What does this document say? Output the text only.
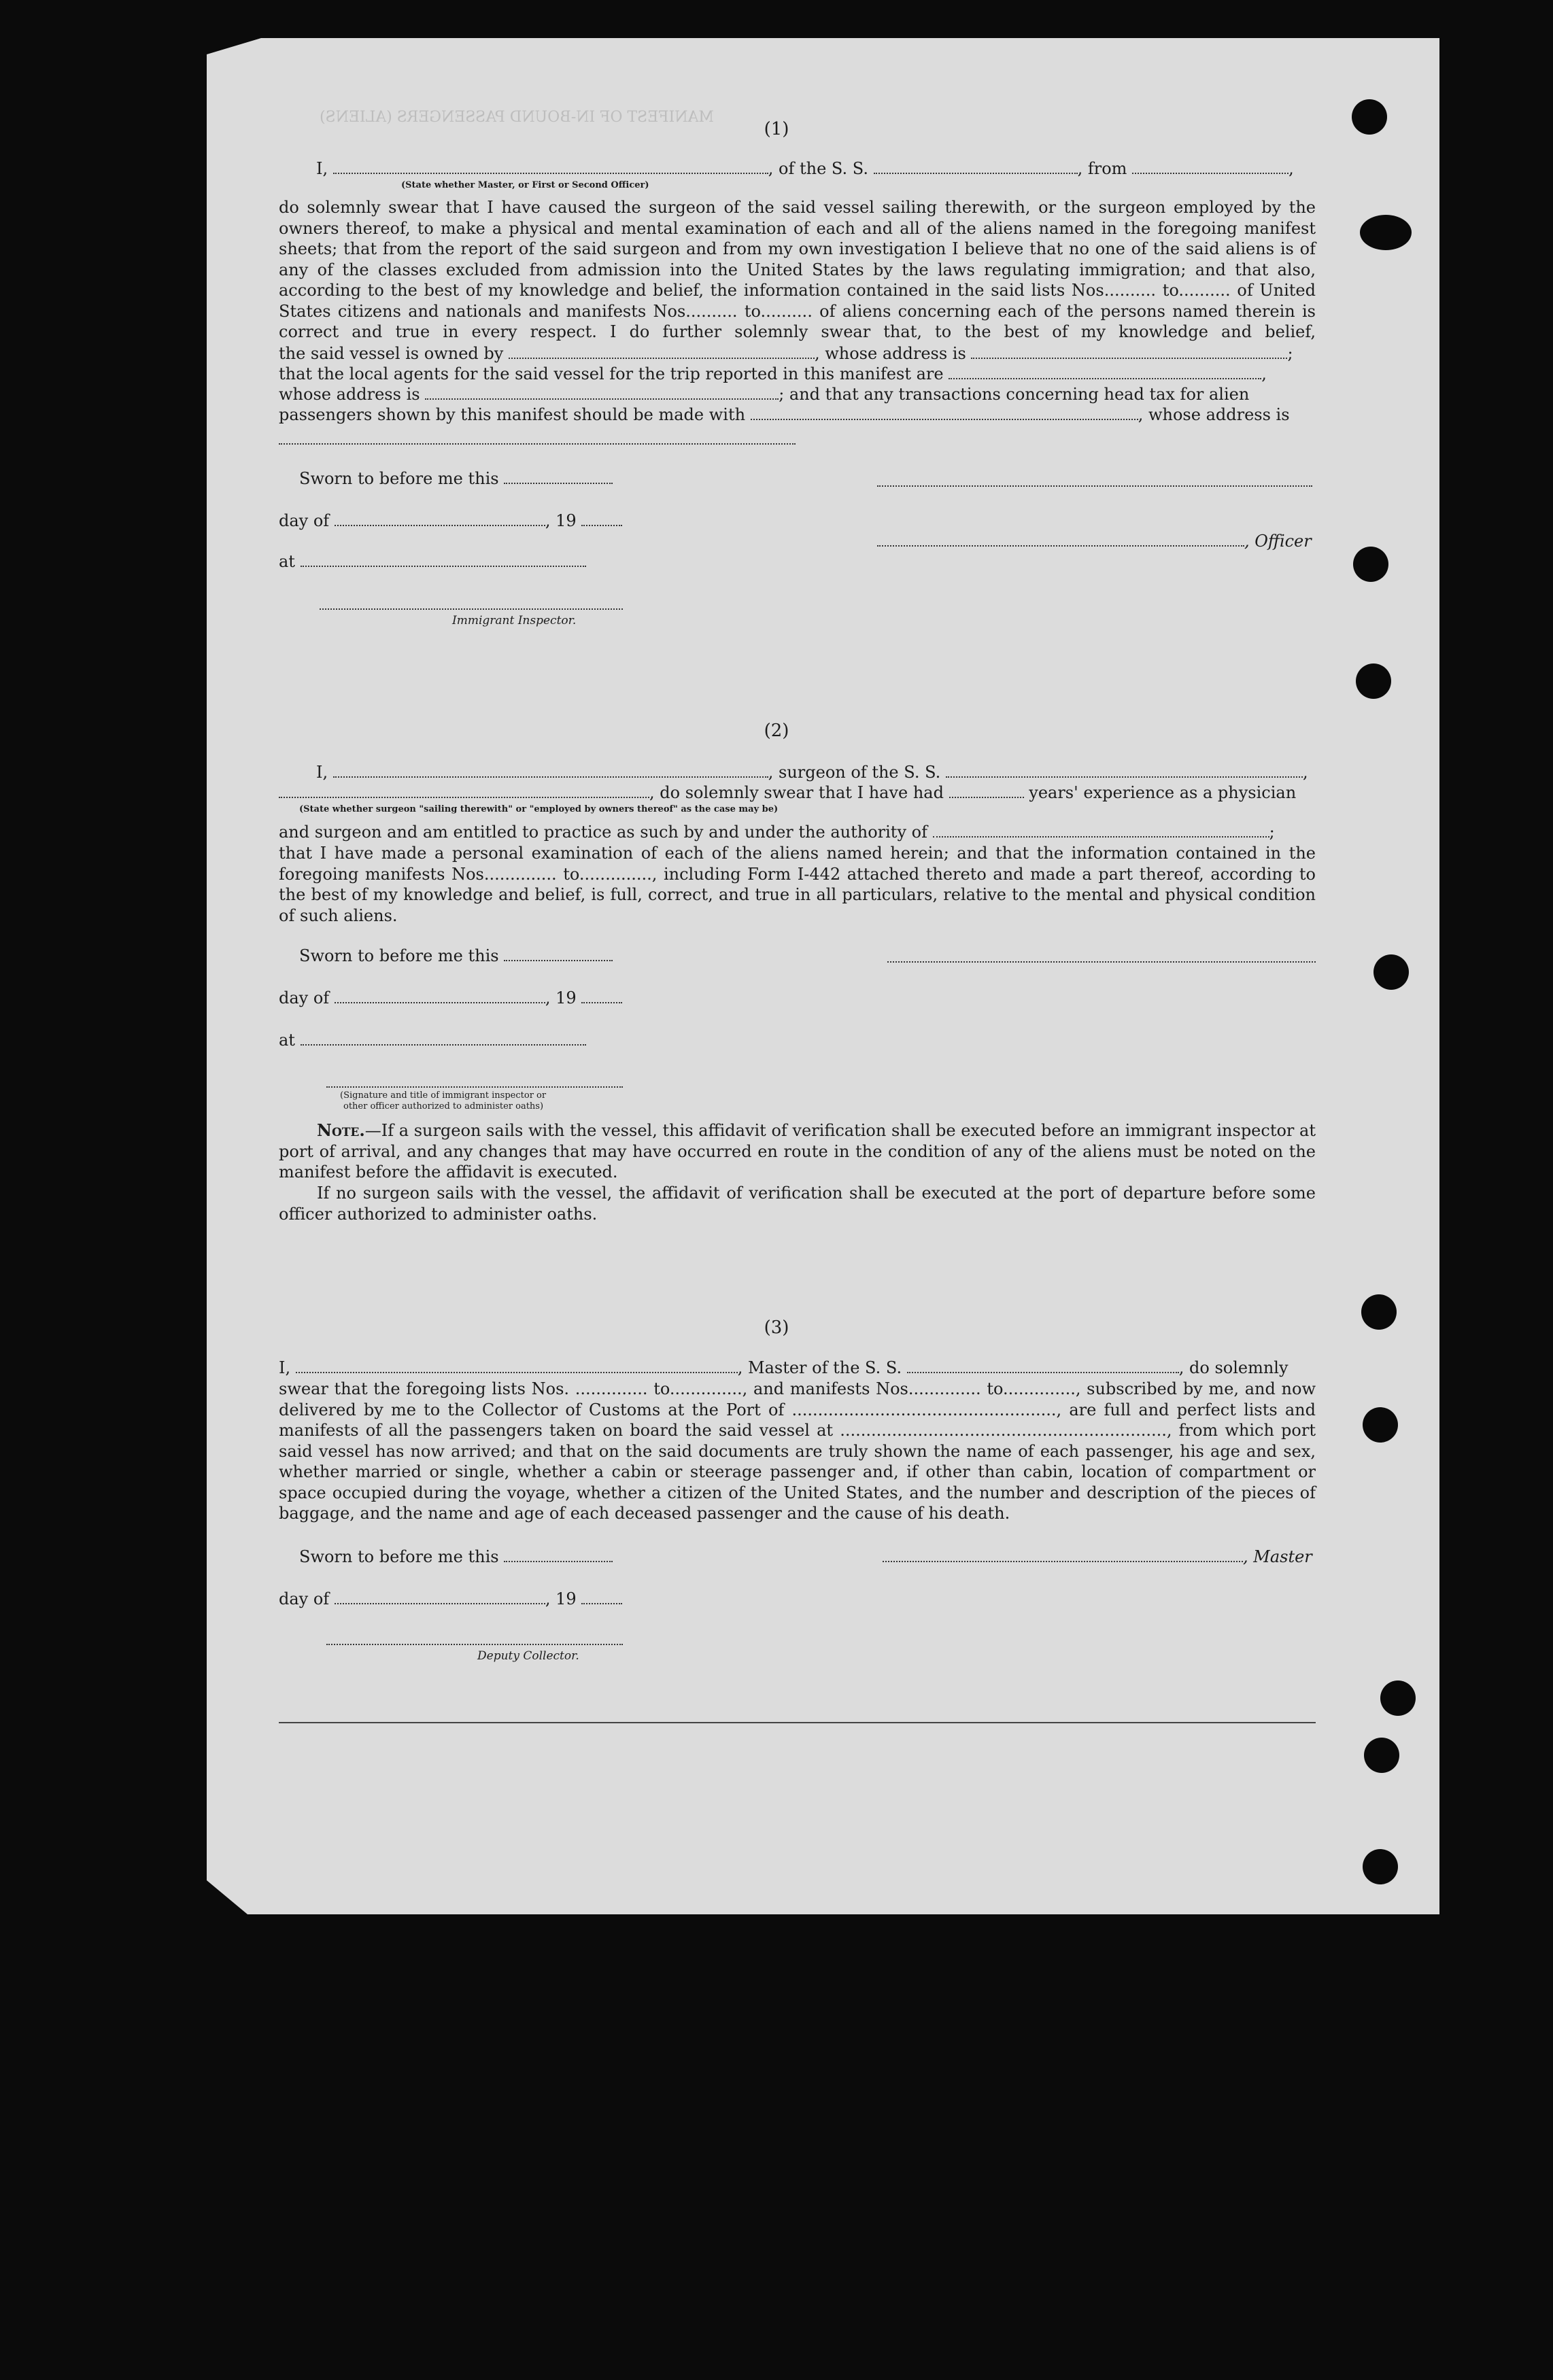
MANIFEST OF IN-BOUND PASSENGERS (ALIENS)
(1)
I,	, of the S. S.	, from	,
(State whether Master, or First or Second Officer)
do solemnly swear that I have caused the surgeon of the said vessel sailing therewith, or the surgeon employed by the owners thereof, to make a physical and mental examination of each and all of the aliens named in the foregoing manifest sheets; that from the report of the said surgeon and from my own investigation I believe that no one of the said aliens is of any of the classes excluded from admission into the United States by the laws regulating immigration; and that also, according to the best of my knowledge and belief, the information contained in the said lists Nos.......... to.......... of United States citizens and nationals and manifests Nos.......... to.......... of aliens concerning each of the persons named therein is correct and true in every respect. I do further solemnly swear that, to the best of my knowledge and belief,
the said vessel is owned by	, whose address is	;
that the local agents for the said vessel for the trip reported in this manifest are	,
whose address is	; and that any transactions concerning head tax for alien
passengers shown by this manifest should be made with	, whose address is
Sworn to before me this
day of	, 19
at
Immigrant Inspector.
, Officer
(2)
I,	, surgeon of the S. S.	,
, do solemnly swear that I have had	years' experience as a physician
(State whether surgeon "sailing therewith" or "employed by owners thereof" as the case may be)
and surgeon and am entitled to practice as such by and under the authority of	;
that I have made a personal examination of each of the aliens named herein; and that the information contained in the foregoing manifests Nos.............. to.............., including Form I-442 attached thereto and made a part thereof, according to the best of my knowledge and belief, is full, correct, and true in all particulars, relative to the mental and physical condition of such aliens.
Sworn to before me this
day of	, 19
at
(Signature and title of immigrant inspector or
other officer authorized to administer oaths)
Note.—If a surgeon sails with the vessel, this affidavit of verification shall be executed before an immigrant inspector at port of arrival, and any changes that may have occurred en route in the condition of any of the aliens must be noted on the manifest before the affidavit is executed.
If no surgeon sails with the vessel, the affidavit of verification shall be executed at the port of departure before some officer authorized to administer oaths.
(3)
I,	, Master of the S. S.	, do solemnly
swear that the foregoing lists Nos. .............. to.............., and manifests Nos.............. to.............., subscribed by me, and now delivered by me to the Collector of Customs at the Port of ..................................................., are full and perfect lists and manifests of all the passengers taken on board the said vessel at ..............................................................., from which port said vessel has now arrived; and that on the said documents are truly shown the name of each passenger, his age and sex, whether married or single, whether a cabin or steerage passenger and, if other than cabin, location of compartment or space occupied during the voyage, whether a citizen of the United States, and the number and description of the pieces of baggage, and the name and age of each deceased passenger and the cause of his death.
Sworn to before me this	, Master
day of	, 19
Deputy Collector.
